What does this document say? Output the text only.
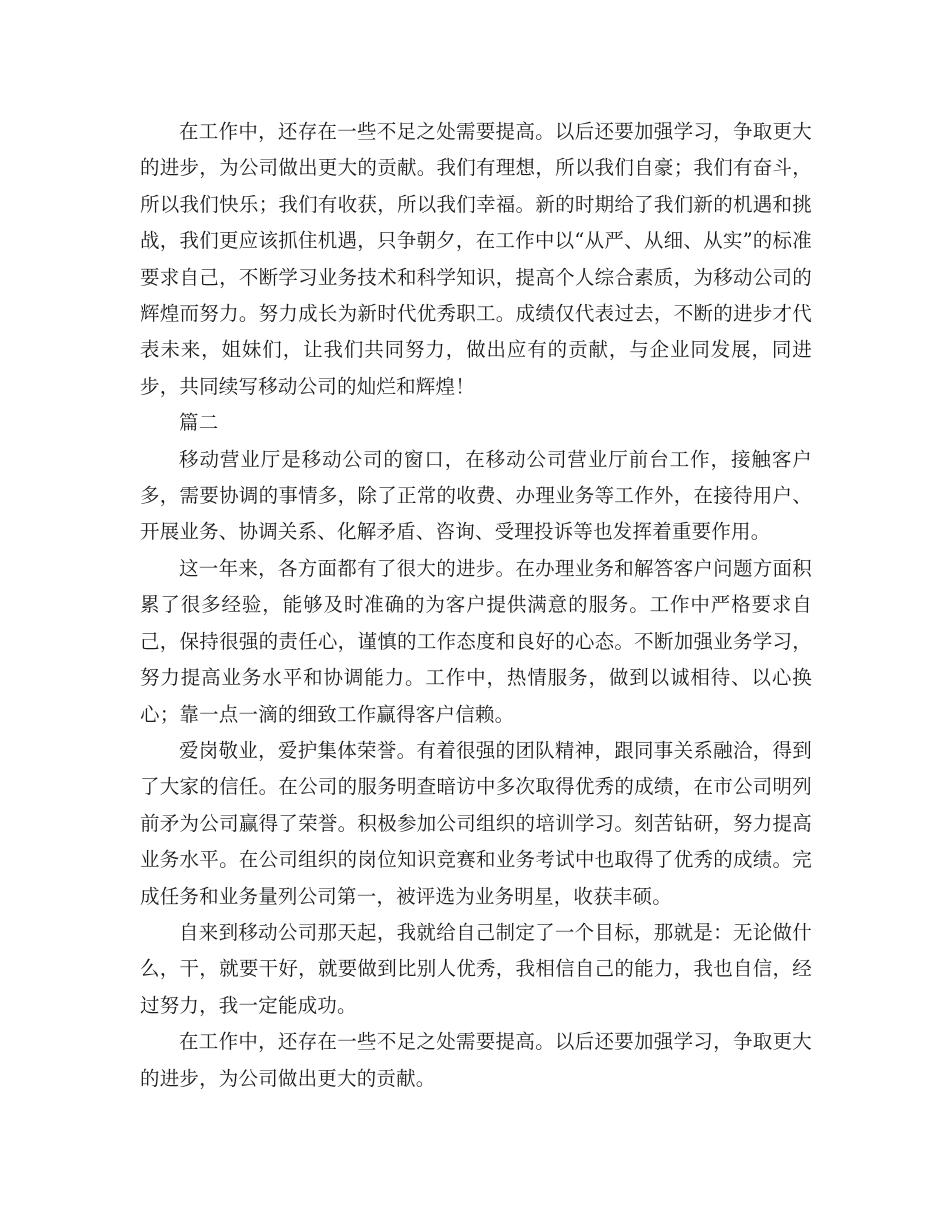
在工作中，还存在一些不足之处需要提高。以后还要加强学习，争取更大的进步，为公司做出更大的贡献。我们有理想，所以我们自豪；我们有奋斗，所以我们快乐；我们有收获，所以我们幸福。新的时期给了我们新的机遇和挑战，我们更应该抓住机遇，只争朝夕，在工作中以“从严、从细、从实”的标准要求自己，不断学习业务技术和科学知识，提高个人综合素质，为移动公司的辉煌而努力。努力成长为新时代优秀职工。成绩仅代表过去，不断的进步才代表未来，姐妹们，让我们共同努力，做出应有的贡献，与企业同发展，同进步，共同续写移动公司的灿烂和辉煌！

篇二

移动营业厅是移动公司的窗口，在移动公司营业厅前台工作，接触客户多，需要协调的事情多，除了正常的收费、办理业务等工作外，在接待用户、开展业务、协调关系、化解矛盾、咨询、受理投诉等也发挥着重要作用。

这一年来，各方面都有了很大的进步。在办理业务和解答客户问题方面积累了很多经验，能够及时准确的为客户提供满意的服务。工作中严格要求自己，保持很强的责任心，谨慎的工作态度和良好的心态。不断加强业务学习，努力提高业务水平和协调能力。工作中，热情服务，做到以诚相待、以心换心；靠一点一滴的细致工作赢得客户信赖。

爱岗敬业，爱护集体荣誉。有着很强的团队精神，跟同事关系融洽，得到了大家的信任。在公司的服务明查暗访中多次取得优秀的成绩，在市公司明列前矛为公司赢得了荣誉。积极参加公司组织的培训学习。刻苦钻研，努力提高业务水平。在公司组织的岗位知识竞赛和业务考试中也取得了优秀的成绩。完成任务和业务量列公司第一，被评选为业务明星，收获丰硕。

自来到移动公司那天起，我就给自己制定了一个目标，那就是：无论做什么，干，就要干好，就要做到比别人优秀，我相信自己的能力，我也自信，经过努力，我一定能成功。

在工作中，还存在一些不足之处需要提高。以后还要加强学习，争取更大的进步，为公司做出更大的贡献。
